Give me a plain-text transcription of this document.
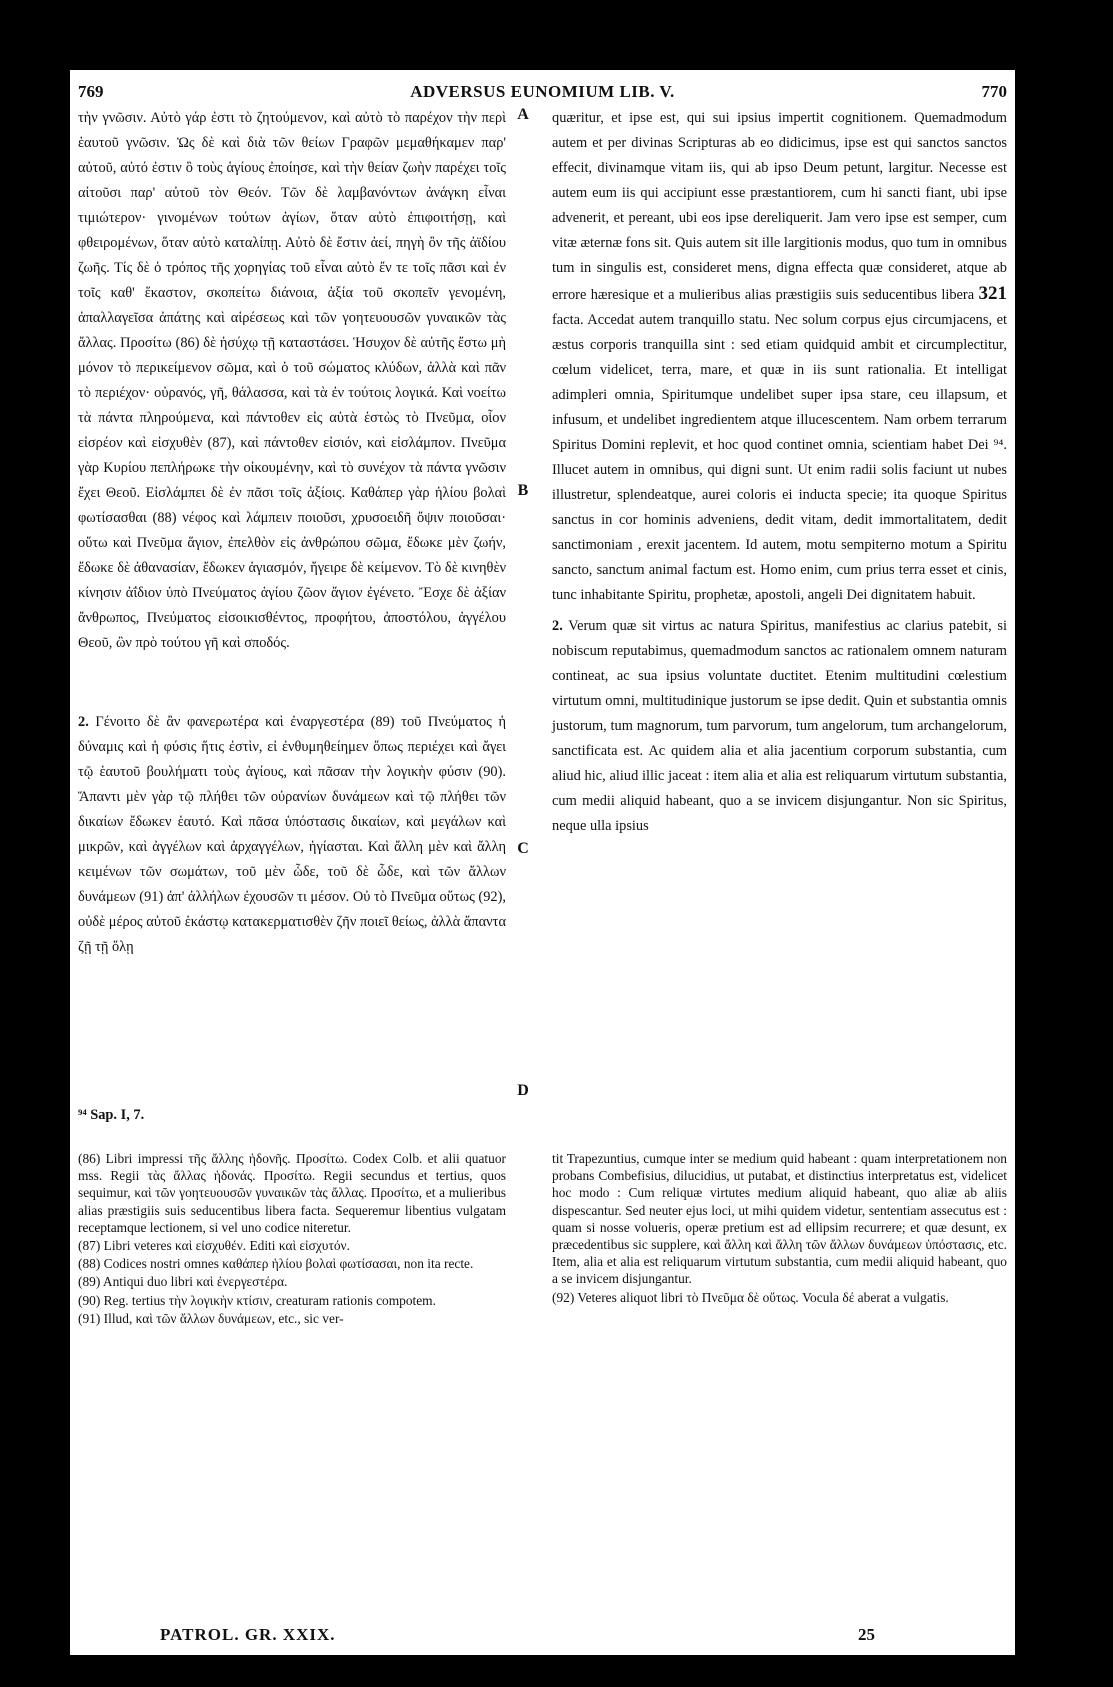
769	ADVERSUS EUNOMIUM LIB. V.	770

τὴν γνῶσιν. Αὐτὸ γάρ ἐστι τὸ ζητούμενον, καὶ αὐτὸ τὸ παρέχον τὴν περὶ ἑαυτοῦ γνῶσιν. Ὡς δὲ καὶ διὰ τῶν θείων Γραφῶν μεμαθήκαμεν παρ' αὐτοῦ, αὐτό ἐστιν ὃ τοὺς ἁγίους ἐποίησε, καὶ τὴν θείαν ζωὴν παρέχει τοῖς αἰτοῦσι παρ' αὐτοῦ τὸν Θεόν. Τῶν δὲ λαμβανόντων ἀνάγκη εἶναι τιμιώτερον· γινομένων τούτων ἁγίων, ὅταν αὐτὸ ἐπιφοιτήσῃ, καὶ φθειρομένων, ὅταν αὐτὸ καταλίπῃ. Αὐτὸ δὲ ἔστιν ἀεί, πηγὴ ὂν τῆς ἀϊδίου ζωῆς. Τίς δὲ ὁ τρόπος τῆς χορηγίας τοῦ εἶναι αὐτὸ ἔν τε τοῖς πᾶσι καὶ ἐν τοῖς καθ' ἕκαστον, σκοπείτω διάνοια, ἀξία τοῦ σκοπεῖν γενομένη, ἀπαλλαγεῖσα ἀπάτης καὶ αἱρέσεως καὶ τῶν γοητευουσῶν γυναικῶν τὰς ἄλλας. Προσίτω (86) δὲ ἡσύχῳ τῇ καταστάσει. Ἡσυχον δὲ αὐτῆς ἔστω μὴ μόνον τὸ περικείμενον σῶμα, καὶ ὁ τοῦ σώματος κλύδων, ἀλλὰ καὶ πᾶν τὸ περιέχον· οὐρανός, γῆ, θάλασσα, καὶ τὰ ἐν τούτοις λογικά. Καὶ νοείτω τὰ πάντα πληρούμενα, καὶ πάντοθεν εἰς αὐτὰ ἑστὼς τὸ Πνεῦμα, οἷον εἰσρέον καὶ εἰσχυθὲν (87), καὶ πάντοθεν εἰσιόν, καὶ εἰσλάμπον. Πνεῦμα γὰρ Κυρίου πεπλήρωκε τὴν οἰκουμένην, καὶ τὸ συνέχον τὰ πάντα γνῶσιν ἔχει Θεοῦ. Εἰσλάμπει δὲ ἐν πᾶσι τοῖς ἀξίοις. Καθάπερ γὰρ ἡλίου βολαὶ φωτίσασθαι (88) νέφος καὶ λάμπειν ποιοῦσι, χρυσοειδῆ ὄψιν ποιοῦσαι· οὕτω καὶ Πνεῦμα ἅγιον, ἐπελθὸν εἰς ἀνθρώπου σῶμα, ἔδωκε μὲν ζωήν, ἔδωκε δὲ ἀθανασίαν, ἔδωκεν ἁγιασμόν, ἤγειρε δὲ κείμενον. Τὸ δὲ κινηθὲν κίνησιν ἀΐδιον ὑπὸ Πνεύματος ἁγίου ζῶον ἅγιον ἐγένετο. Ἔσχε δὲ ἀξίαν ἄνθρωπος, Πνεύματος εἰσοικισθέντος, προφήτου, ἀποστόλου, ἀγγέλου Θεοῦ, ὢν πρὸ τούτου γῆ καὶ σποδός.

2. Γένοιτο δὲ ἂν φανερωτέρα καὶ ἐναργεστέρα (89) τοῦ Πνεύματος ἡ δύναμις καὶ ἡ φύσις ἥτις ἐστὶν, εἰ ἐνθυμηθείημεν ὅπως περιέχει καὶ ἄγει τῷ ἑαυτοῦ βουλήματι τοὺς ἁγίους, καὶ πᾶσαν τὴν λογικὴν φύσιν (90). Ἅπαντι μὲν γὰρ τῷ πλήθει τῶν οὐρανίων δυνάμεων καὶ τῷ πλήθει τῶν δικαίων ἔδωκεν ἑαυτό. Καὶ πᾶσα ὑπόστασις δικαίων, καὶ μεγάλων καὶ μικρῶν, καὶ ἀγγέλων καὶ ἀρχαγγέλων, ἡγίασται. Καὶ ἄλλη μὲν καὶ ἄλλη κειμένων τῶν σωμάτων, τοῦ μὲν ὧδε, τοῦ δὲ ὧδε, καὶ τῶν ἄλλων δυνάμεων (91) ἀπ' ἀλλήλων ἐχουσῶν τι μέσον. Οὐ τὸ Πνεῦμα οὕτως (92), οὐδὲ μέρος αὐτοῦ ἑκάστῳ κατακερματισθὲν ζῆν ποιεῖ θείως, ἀλλὰ ἅπαντα ζῇ τῇ ὅλῃ

⁹⁴ Sap. I, 7.
A
B
C
D

quæritur, et ipse est, qui sui ipsius impertit cognitionem. Quemadmodum autem et per divinas Scripturas ab eo didicimus, ipse est qui sanctos sanctos effecit, divinamque vitam iis, qui ab ipso Deum petunt, largitur. Necesse est autem eum iis qui accipiunt esse præstantiorem, cum hi sancti fiant, ubi ipse advenerit, et pereant, ubi eos ipse dereliquerit. Jam vero ipse est semper, cum vitæ æternæ fons sit. Quis autem sit ille largitionis modus, quo tum in omnibus tum in singulis est, consideret mens, digna effecta quæ consideret, atque ab errore hæresique et a mulieribus alias præstigiis suis seducentibus libera 321 facta. Accedat autem tranquillo statu. Nec solum corpus ejus circumjacens, et æstus corporis tranquilla sint : sed etiam quidquid ambit et circumplectitur, cœlum videlicet, terra, mare, et quæ in iis sunt rationalia. Et intelligat adimpleri omnia, Spiritumque undelibet super ipsa stare, ceu illapsum, et infusum, et undelibet ingredientem atque illucescentem. Nam orbem terrarum Spiritus Domini replevit, et hoc quod continet omnia, scientiam habet Dei ⁹⁴. Illucet autem in omnibus, qui digni sunt. Ut enim radii solis faciunt ut nubes illustretur, splendeatque, aurei coloris ei inducta specie; ita quoque Spiritus sanctus in cor hominis adveniens, dedit vitam, dedit immortalitatem, dedit sanctimoniam , erexit jacentem. Id autem, motu sempiterno motum a Spiritu sancto, sanctum animal factum est. Homo enim, cum prius terra esset et cinis, tunc inhabitante Spiritu, prophetæ, apostoli, angeli Dei dignitatem habuit.

2. Verum quæ sit virtus ac natura Spiritus, manifestius ac clarius patebit, si nobiscum reputabimus, quemadmodum sanctos ac rationalem omnem naturam contineat, ac sua ipsius voluntate ductitet. Etenim multitudini cœlestium virtutum omni, multitudinique justorum se ipse dedit. Quin et substantia omnis justorum, tum magnorum, tum parvorum, tum angelorum, tum archangelorum, sanctificata est. Ac quidem alia et alia jacentium corporum substantia, cum aliud hic, aliud illic jaceat : item alia et alia est reliquarum virtutum substantia, cum medii aliquid habeant, quo a se invicem disjungantur. Non sic Spiritus, neque ulla ipsius

(86) Libri impressi τῆς ἄλλης ἡδονῆς. Προσίτω. Codex Colb. et alii quatuor mss. Regii τὰς ἄλλας ἡδονάς. Προσίτω. Regii secundus et tertius, quos sequimur, καὶ τῶν γοητευουσῶν γυναικῶν τὰς ἄλλας. Προσίτω, et a mulieribus alias præstigiis suis seducentibus libera facta. Sequeremur libentius vulgatam receptamque lectionem, si vel uno codice niteretur.

(87) Libri veteres καὶ εἰσχυθέν. Editi καὶ εἰσχυτόν.

(88) Codices nostri omnes καθάπερ ἡλίου βολαὶ φωτίσασαι, non ita recte.

(89) Antiqui duo libri καὶ ἐνεργεστέρα.

(90) Reg. tertius τὴν λογικὴν κτίσιν, creaturam rationis compotem.

(91) Illud, καὶ τῶν ἄλλων δυνάμεων, etc., sic ver-

tit Trapezuntius, cumque inter se medium quid habeant : quam interpretationem non probans Combefisius, dilucidius, ut putabat, et distinctius interpretatus est, videlicet hoc modo : Cum reliquæ virtutes medium aliquid habeant, quo aliæ ab aliis dispescantur. Sed neuter ejus loci, ut mihi quidem videtur, sententiam assecutus est : quam si nosse volueris, operæ pretium est ad ellipsim recurrere; et quæ desunt, ex præcedentibus sic supplere, καὶ ἄλλη καὶ ἄλλη τῶν ἄλλων δυνάμεων ὑπόστασις, etc. Item, alia et alia est reliquarum virtutum substantia, cum medii aliquid habeant, quo a se invicem disjungantur.

(92) Veteres aliquot libri τὸ Πνεῦμα δὲ οὕτως. Vocula δέ aberat a vulgatis.

PATROL. GR. XXIX.	25
